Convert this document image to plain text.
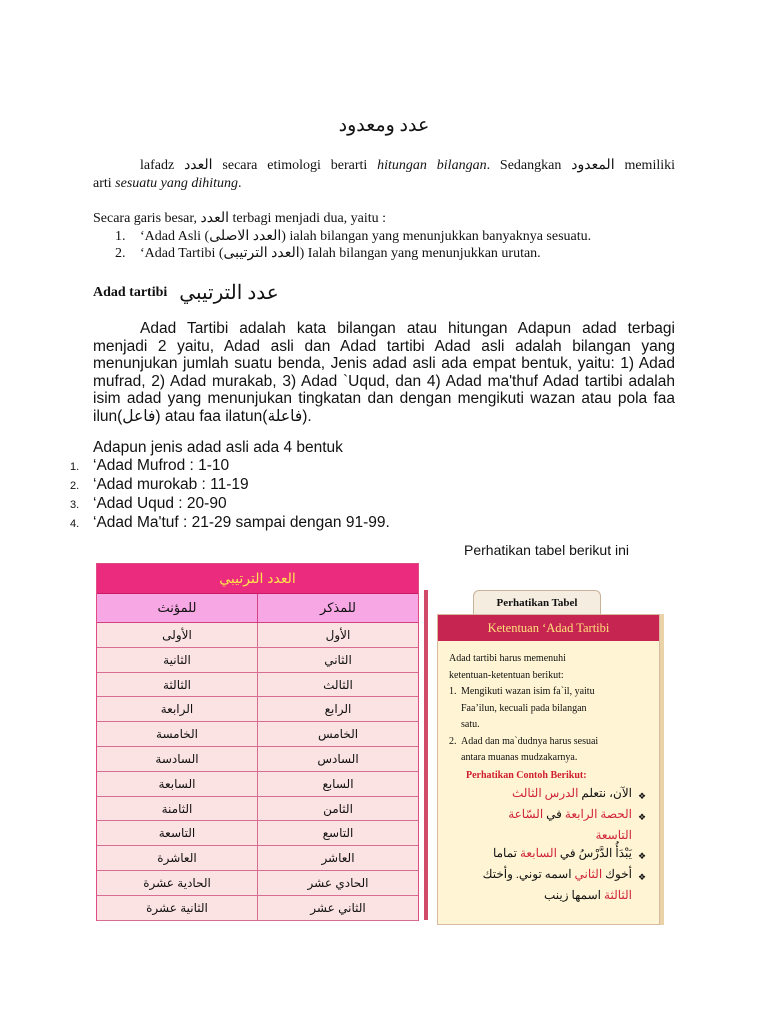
عدد ومعدود
lafadz العدد secara etimologi berarti hitungan bilangan. Sedangkan المعدود memiliki
arti sesuatu yang dihitung.
Secara garis besar, العدد terbagi menjadi dua, yaitu :
1.	‘Adad Asli (العدد الاصلى) ialah bilangan yang menunjukkan banyaknya sesuatu.
2.	‘Adad Tartibi (العدد الترتيبى) Ialah bilangan yang menunjukkan urutan.
Adad tartibi عدد الترتيبي
Adad Tartibi adalah kata bilangan atau hitungan Adapun adad terbagi
menjadi 2 yaitu, Adad asli dan Adad tartibi Adad asli adalah bilangan yang
menunjukan jumlah suatu benda, Jenis adad asli ada empat bentuk, yaitu: 1) Adad
mufrad, 2) Adad murakab, 3) Adad `Uqud, dan 4) Adad ma'thuf Adad tartibi adalah
isim adad yang menunjukan tingkatan dan dengan mengikuti wazan atau pola faa
ilun(فاعل) atau faa ilatun(فاعلة).
Adapun jenis adad asli ada 4 bentuk
1. ‘Adad Mufrod : 1-10
2. ‘Adad murokab : 11-19
3. ‘Adad Uqud : 20-90
4. ‘Adad Ma'tuf : 21-29 sampai dengan 91-99.
Perhatikan tabel berikut ini
العدد الترتيبي
للمؤنث	للمذكر
الأولى	الأول
الثانية	الثاني
الثالثة	الثالث
الرابعة	الرابع
الخامسة	الخامس
السادسة	السادس
السابعة	السابع
الثامنة	الثامن
التاسعة	التاسع
العاشرة	العاشر
الحادية عشرة	الحادي عشر
الثانية عشرة	الثاني عشر
Perhatikan Tabel
Ketentuan ‘Adad Tartibi
Adad tartibi harus memenuhi
ketentuan-ketentuan berikut:
1. Mengikuti wazan isim fa`il, yaitu
Faa’ilun, kecuali pada bilangan
satu.
2. Adad dan ma`dudnya harus sesuai
antara muanas mudzakarnya.
Perhatikan Contoh Berikut:
الآن، نتعلم الدرس الثالث	❖
الحصة الرابعة في السّاعة	❖
التاسعة
يَبْدَأُ الدَّرْسُ في السابعة تماما	❖
أخوك الثاني اسمه توني. وأختك	❖
الثالثة اسمها زينب
